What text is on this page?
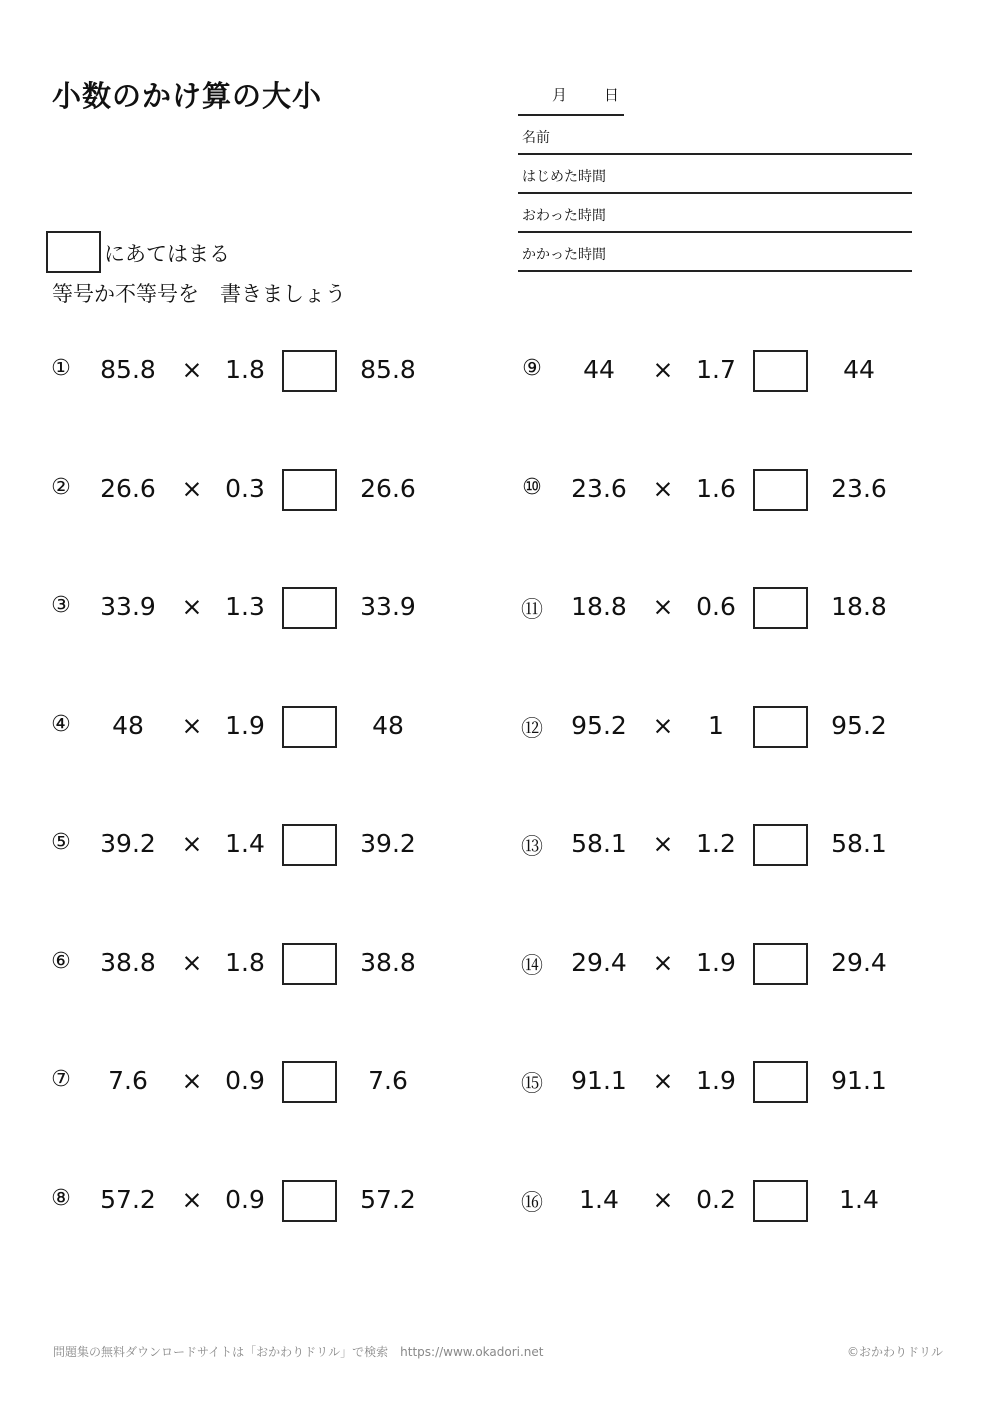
小数のかけ算の大小	月 日
名前
はじめた時間
おわった時間
かかった時間
にあてはまる
等号か不等号を　書きましょう
①	85.8	× 1.8	85.8
②	26.6	× 0.3	26.6
③	33.9	× 1.3	33.9
④	48	× 1.9	48
⑤	39.2	× 1.4	39.2
⑥	38.8	× 1.8	38.8
⑦	7.6	× 0.9	7.6
⑧	57.2	× 0.9	57.2
⑨	44	× 1.7	44
⑩	23.6	× 1.6	23.6
⑪	18.8	× 0.6	18.8
⑫	95.2	×	1	95.2
⑬	58.1	× 1.2	58.1
⑭	29.4	× 1.9	29.4
⑮	91.1	× 1.9	91.1
⑯	1.4	× 0.2	1.4
問題集の無料ダウンロードサイトは「おかわりドリル」で検索　https://www.okadori.net	©おかわりドリル
